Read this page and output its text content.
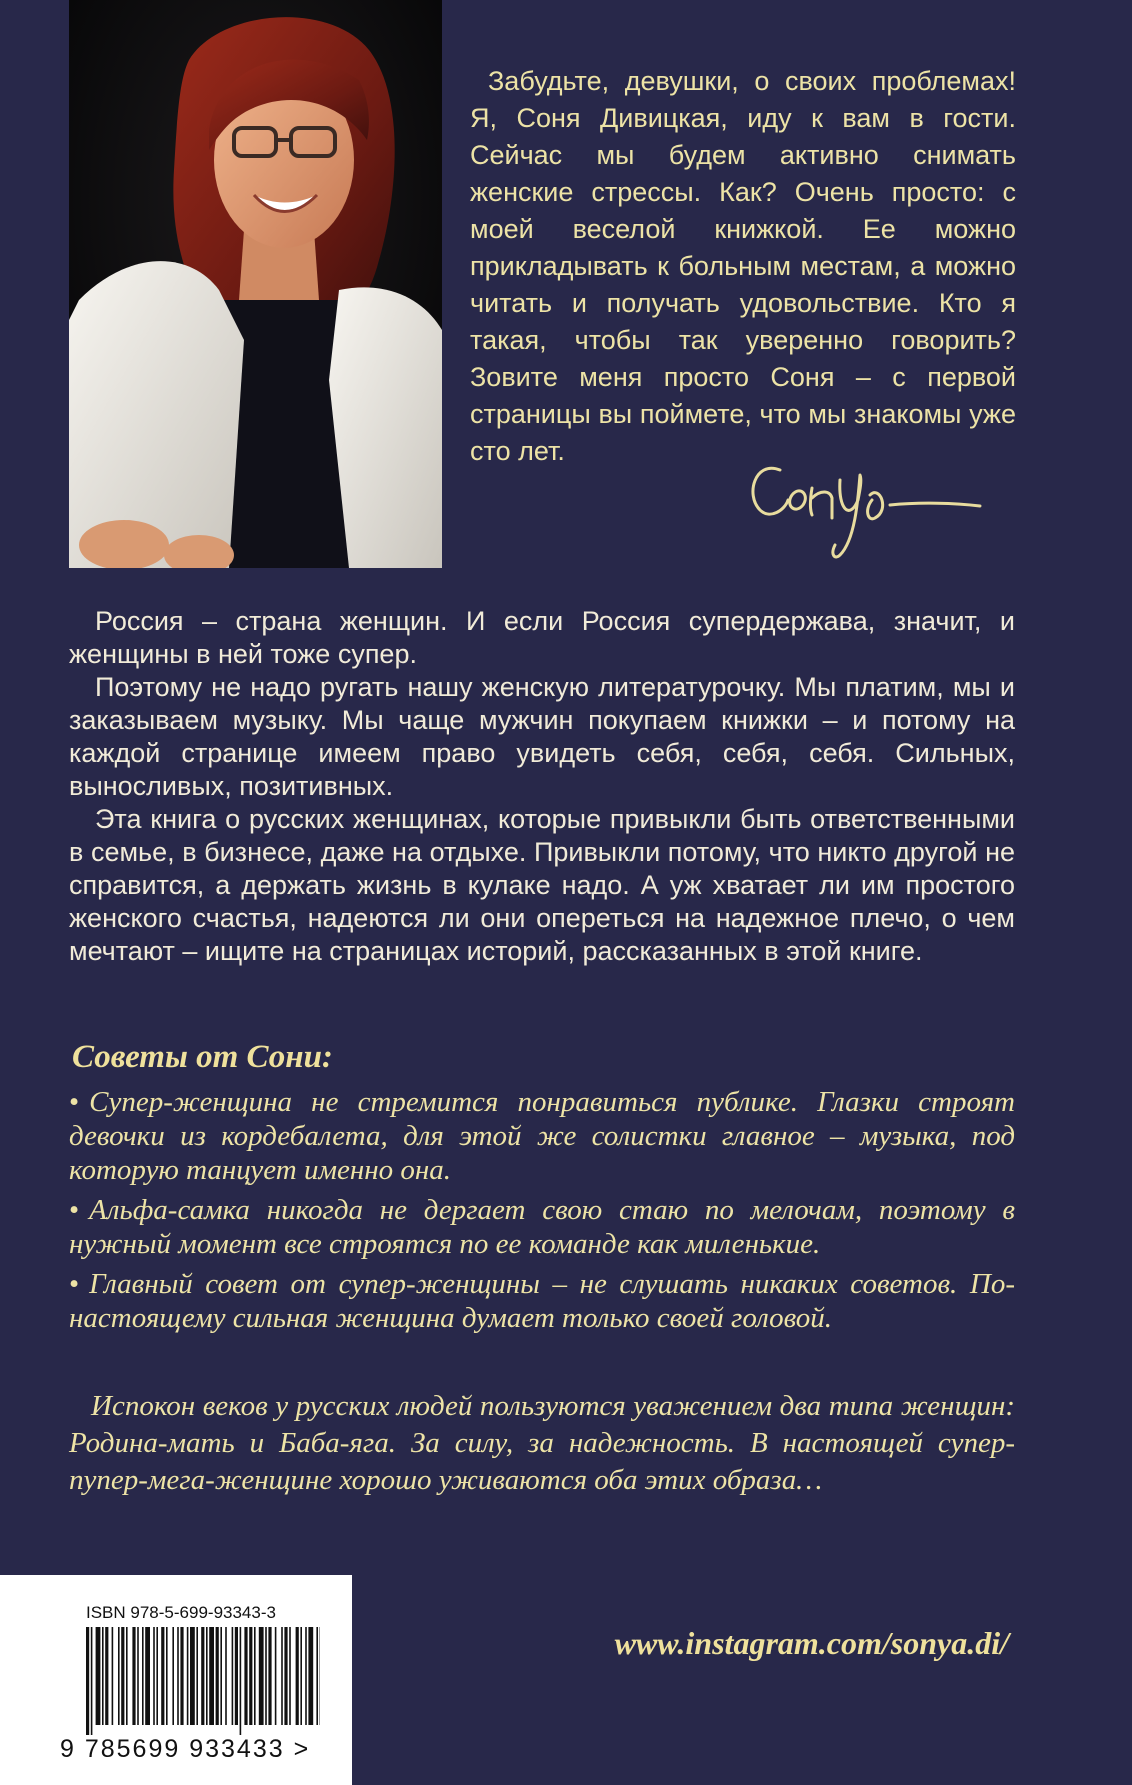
Забудьте, девушки, о своих проблемах! Я, Соня Дивицкая, иду к вам в гости. Сейчас мы будем активно снимать женские стрессы. Как? Очень просто: с моей веселой книжкой. Ее можно прикладывать к больным местам, а можно читать и получать удовольствие. Кто я такая, чтобы так уверенно говорить? Зовите меня просто Соня – с первой страницы вы поймете, что мы знакомы уже сто лет.

Россия – страна женщин. И если Россия супердержава, значит, и женщины в ней тоже супер.

Поэтому не надо ругать нашу женскую литературочку. Мы платим, мы и заказываем музыку. Мы чаще мужчин покупаем книжки – и потому на каждой странице имеем право увидеть себя, себя, себя. Сильных, выносливых, позитивных.

Эта книга о русских женщинах, которые привыкли быть ответственными в семье, в бизнесе, даже на отдыхе. Привыкли потому, что никто другой не справится, а держать жизнь в кулаке надо. А уж хватает ли им простого женского счастья, надеются ли они опереться на надежное плечо, о чем мечтают – ищите на страницах историй, рассказанных в этой книге.

Советы от Сони:

• Супер-женщина не стремится понравиться публике. Глазки строят девочки из кордебалета, для этой же солистки главное – музыка, под которую танцует именно она.

• Альфа-самка никогда не дергает свою стаю по мелочам, поэтому в нужный момент все строятся по ее команде как миленькие.

• Главный совет от супер-женщины – не слушать никаких советов. По-настоящему сильная женщина думает только своей головой.

Испокон веков у русских людей пользуются уважением два типа женщин: Родина-мать и Баба-яга. За силу, за надежность. В настоящей супер-пупер-мега-женщине хорошо уживаются оба этих образа…
ISBN 978-5-699-93343-3
9 785699 933433 >
www.instagram.com/sonya.di/
